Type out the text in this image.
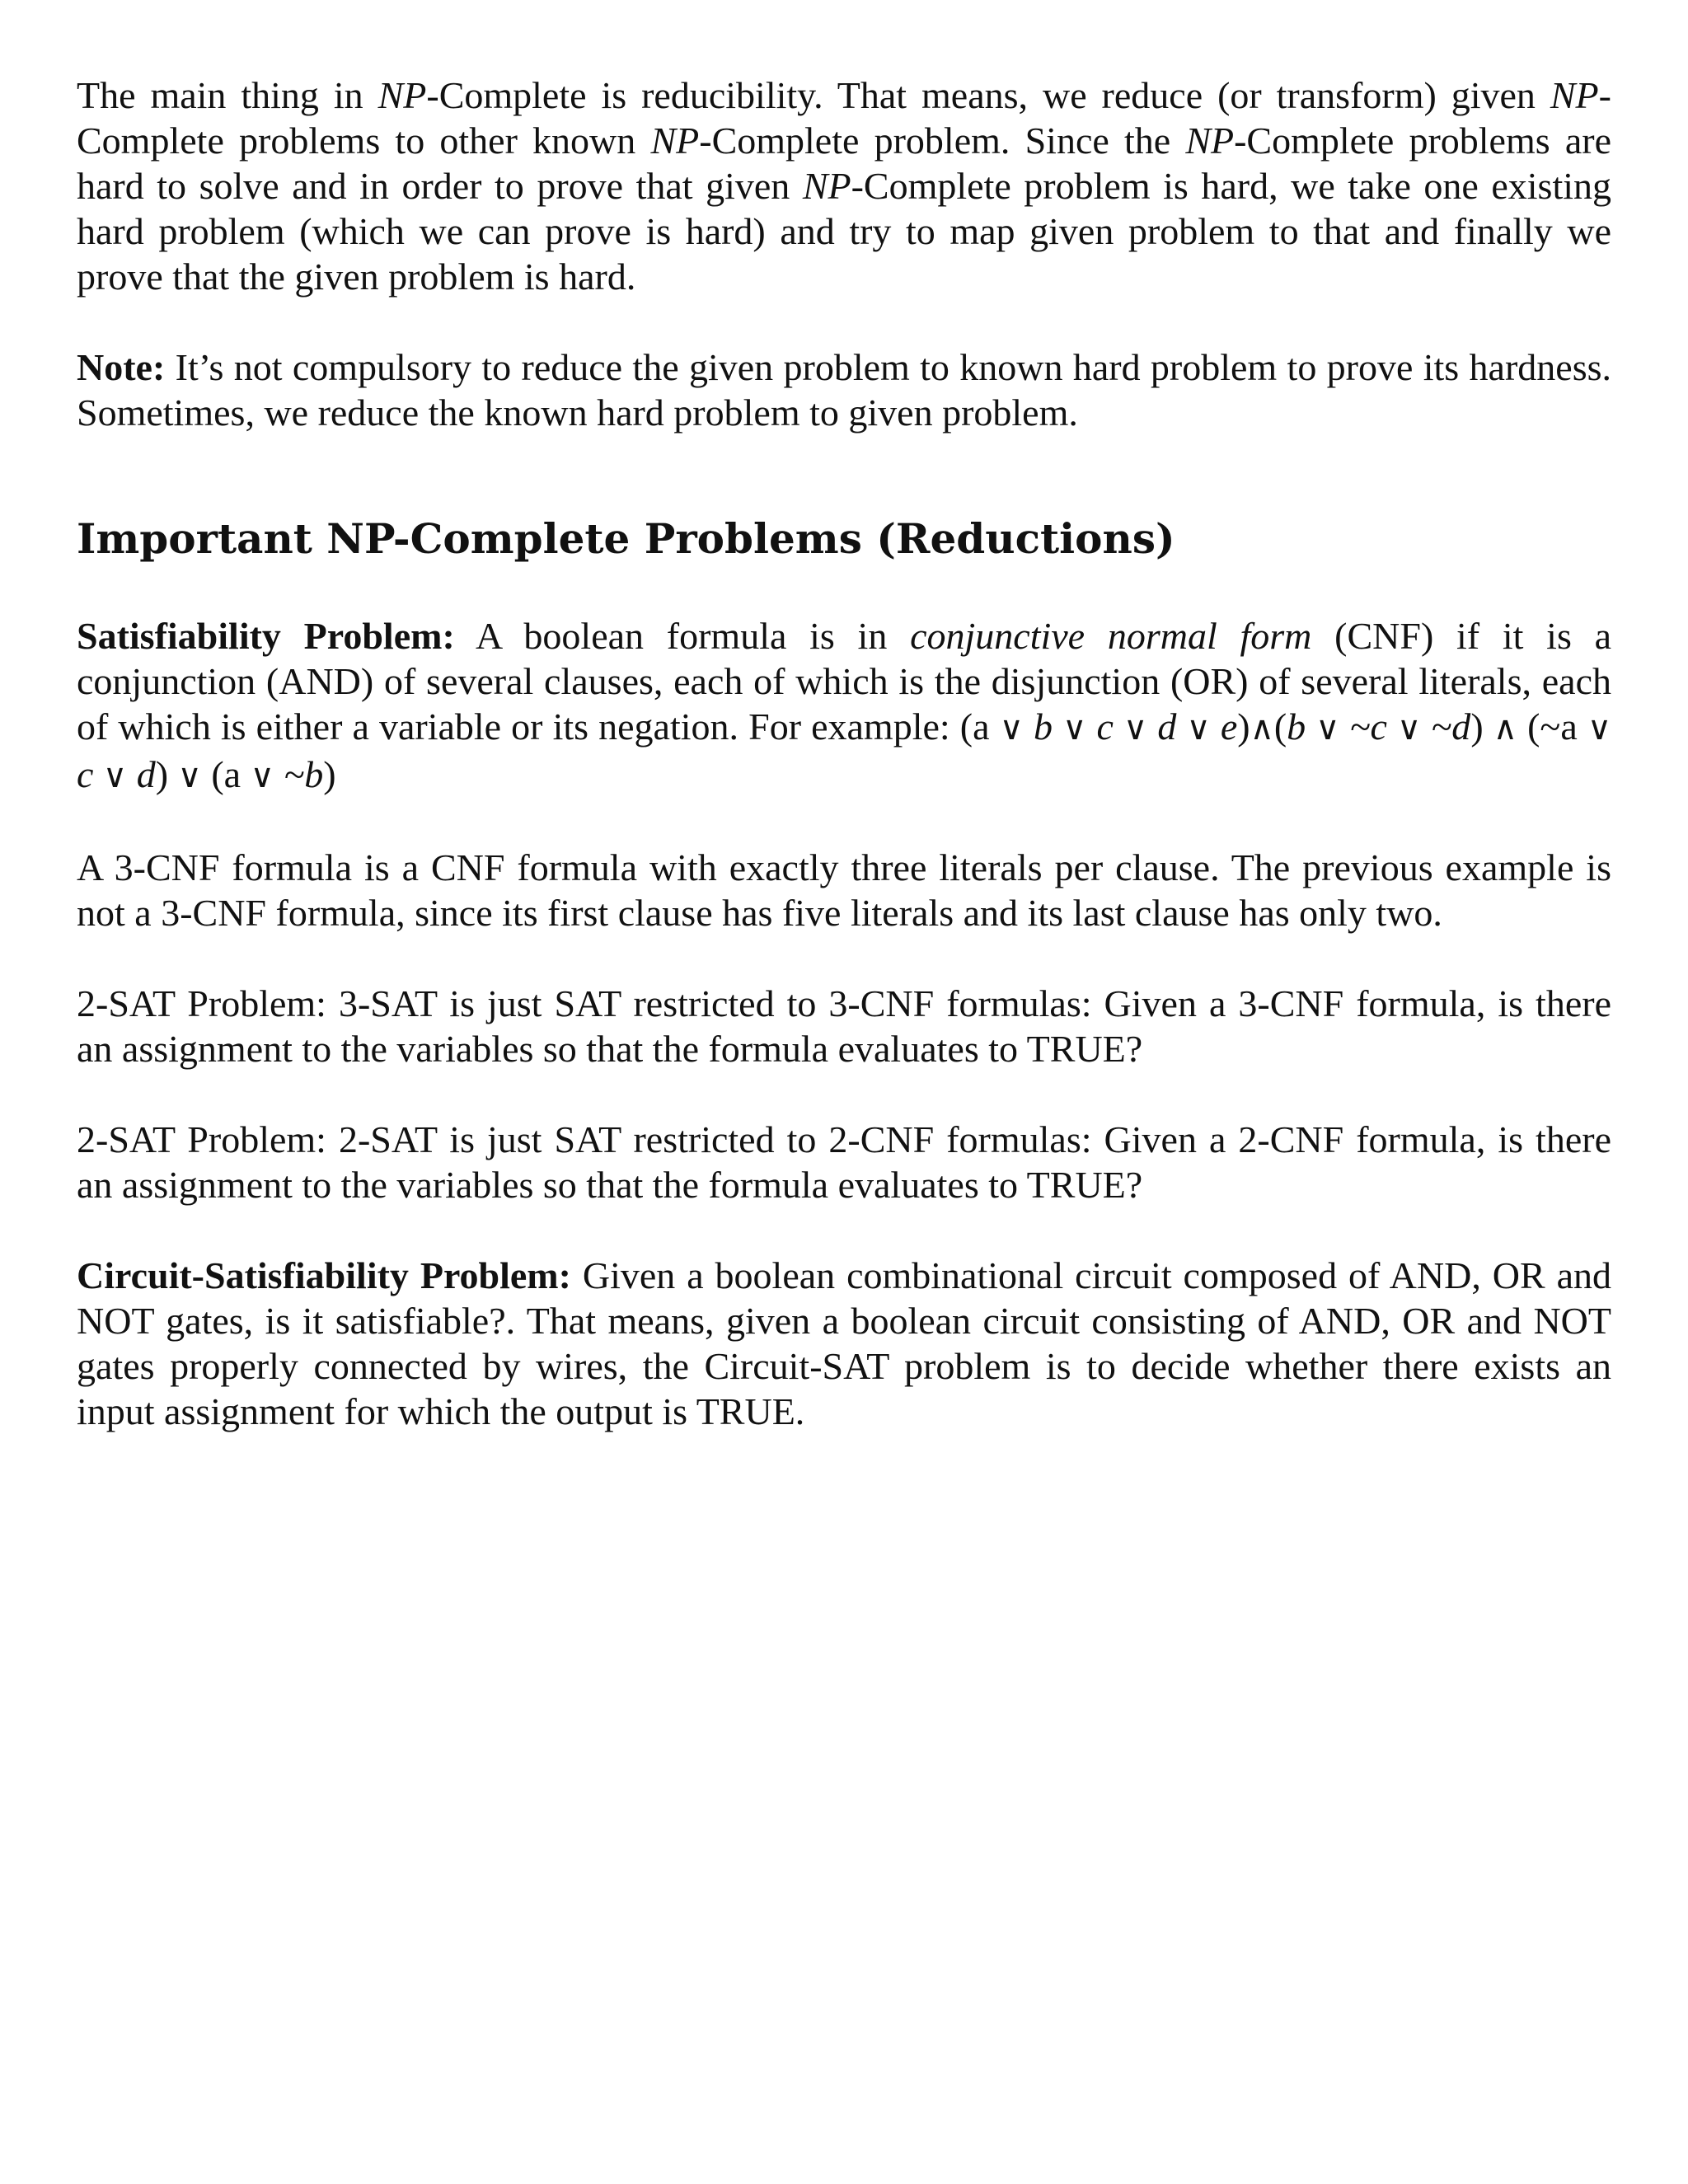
The main thing in NP-Complete is reducibility. That means, we reduce (or transform) given NP-Complete problems to other known NP-Complete problem. Since the NP-Complete problems are hard to solve and in order to prove that given NP-Complete problem is hard, we take one existing hard problem (which we can prove is hard) and try to map given problem to that and finally we prove that the given problem is hard.

Note: It’s not compulsory to reduce the given problem to known hard problem to prove its hardness. Sometimes, we reduce the known hard problem to given problem.

Important NP-Complete Problems (Reductions)

Satisfiability Problem: A boolean formula is in conjunctive normal form (CNF) if it is a conjunction (AND) of several clauses, each of which is the disjunction (OR) of several literals, each of which is either a variable or its negation. For example: (a ∨ b ∨ c ∨ d ∨ e)∧(b ∨ ~c ∨ ~d) ∧ (~a ∨ c ∨ d) ∨ (a ∨ ~b)

A 3-CNF formula is a CNF formula with exactly three literals per clause. The previous example is not a 3-CNF formula, since its first clause has five literals and its last clause has only two.

2-SAT Problem: 3-SAT is just SAT restricted to 3-CNF formulas: Given a 3-CNF formula, is there an assignment to the variables so that the formula evaluates to TRUE?

2-SAT Problem: 2-SAT is just SAT restricted to 2-CNF formulas: Given a 2-CNF formula, is there an assignment to the variables so that the formula evaluates to TRUE?

Circuit-Satisfiability Problem: Given a boolean combinational circuit composed of AND, OR and NOT gates, is it satisfiable?. That means, given a boolean circuit consisting of AND, OR and NOT gates properly connected by wires, the Circuit-SAT problem is to decide whether there exists an input assignment for which the output is TRUE.
